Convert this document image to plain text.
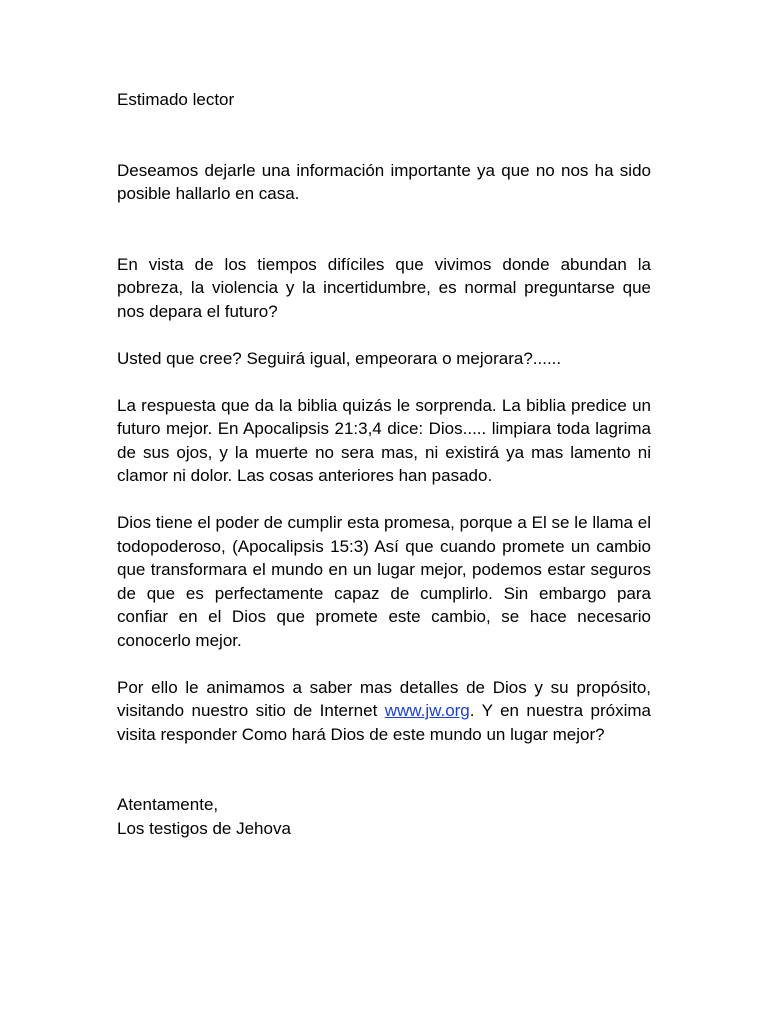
Estimado lector

Deseamos dejarle una información importante ya que no nos ha sido posible hallarlo en casa.

En vista de los tiempos difíciles que vivimos donde abundan la pobreza, la violencia y la incertidumbre, es normal preguntarse que nos depara el futuro?

Usted que cree? Seguirá igual, empeorara o mejorara?......

La respuesta que da la biblia quizás le sorprenda. La biblia predice un futuro mejor. En Apocalipsis 21:3,4 dice: Dios..... limpiara toda lagrima de sus ojos, y la muerte no sera mas, ni existirá ya mas lamento ni clamor ni dolor. Las cosas anteriores han pasado.

Dios tiene el poder de cumplir esta promesa, porque a El se le llama el todopoderoso, (Apocalipsis 15:3) Así que cuando promete un cambio que transformara el mundo en un lugar mejor, podemos estar seguros de que es perfectamente capaz de cumplirlo. Sin embargo para confiar en el Dios que promete este cambio, se hace necesario conocerlo mejor.

Por ello le animamos a saber mas detalles de Dios y su propósito, visitando nuestro sitio de Internet www.jw.org. Y en nuestra próxima visita responder Como hará Dios de este mundo un lugar mejor?

Atentamente,

Los testigos de Jehova
